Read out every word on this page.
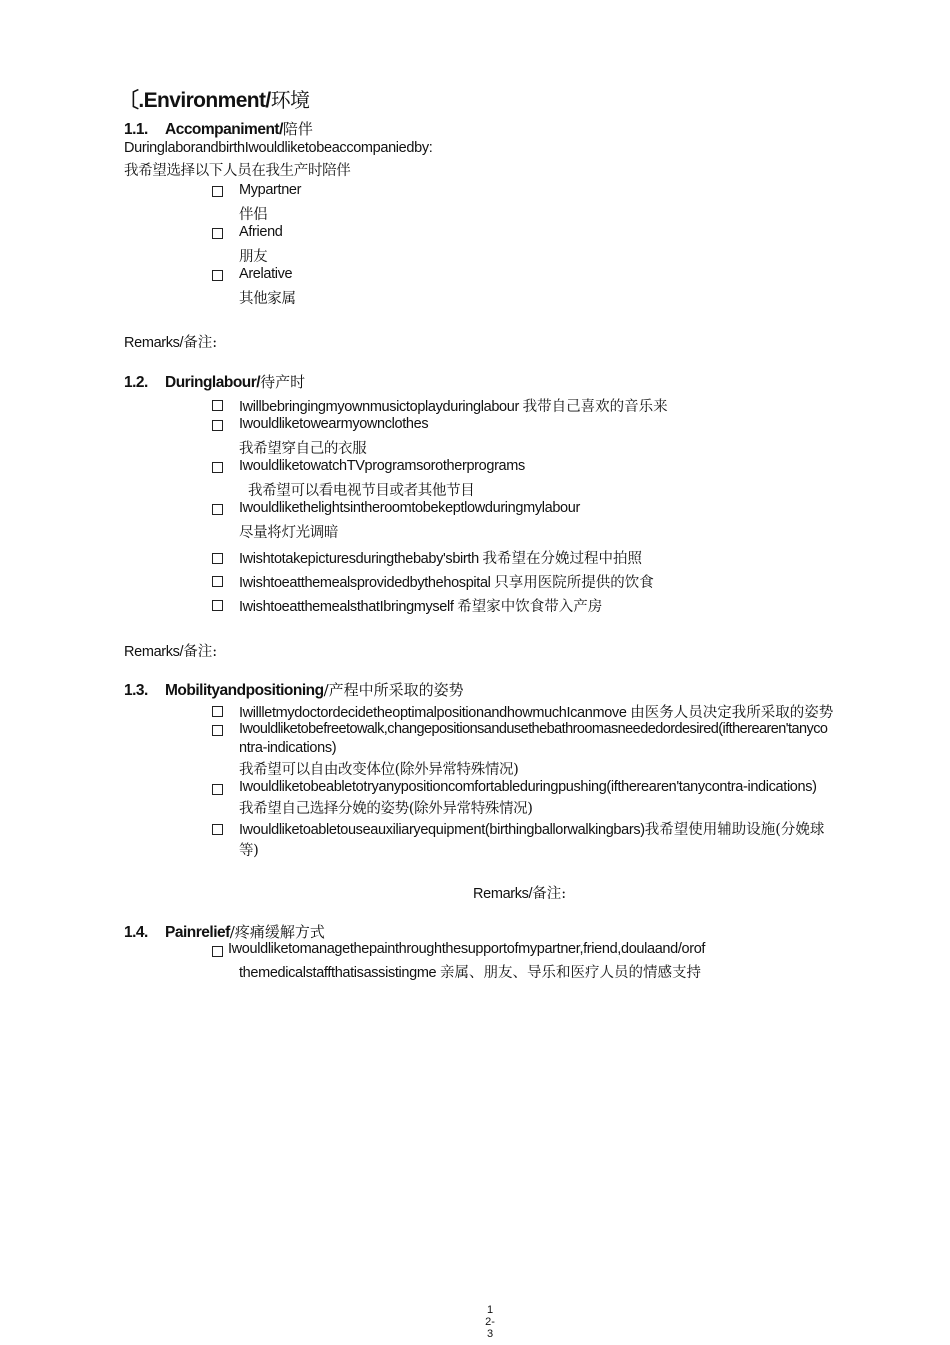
〔.Environment/环境
1.1. Accompaniment/陪伴
DuringlaborandbirthIwouldliketobeaccompaniedby:
我希望选择以下人员在我生产时陪伴
Mypartner
伴侣
Afriend
朋友
Arelative
其他家属
Remarks/备注:
1.2. Duringlabour/待产时
Iwillbebringingmyownmusictoplayduringlabour 我带自己喜欢的音乐来
Iwouldliketowearmyownclothes
我希望穿自己的衣服
IwouldliketowatchTVprogramsorotherprograms
我希望可以看电视节目或者其他节目
Iwouldlikethelightsintheroomtobekeptlowduringmylabour
尽量将灯光调暗
Iwishtotakepicturesduringthebaby'sbirth 我希望在分娩过程中拍照
Iwishtoeatthemealsprovidedbythehospital 只享用医院所提供的饮食
IwishtoeatthemealsthatIbringmyself 希望家中饮食带入产房
Remarks/备注:
1.3. Mobilityandpositioning/产程中所采取的姿势
IwillletmydoctordecidetheoptimalpositionandhowmuchIcanmove 由医务人员决定我所采取的姿势
Iwouldliketobefreetowalk,changepositionsandusethebathroomasneededordesired(iftherearen'tanyco
ntra-indications)
我希望可以自由改变体位(除外异常特殊情况)
Iwouldliketobeabletotryanypositioncomfortableduringpushing(iftherearen'tanycontra-indications)
我希望自己选择分娩的姿势(除外异常特殊情况)
Iwouldliketoabletouseauxiliaryequipment(birthingballorwalkingbars)我希望使用辅助设施(分娩球
等)
Remarks/备注:
1.4. Painrelief/疼痛缓解方式
Iwouldliketomanagethepainthroughthesupportofmypartner,friend,doulaand/orof
themedicalstaffthatisassistingme 亲属、朋友、导乐和医疗人员的情感支持
1
2-
3
